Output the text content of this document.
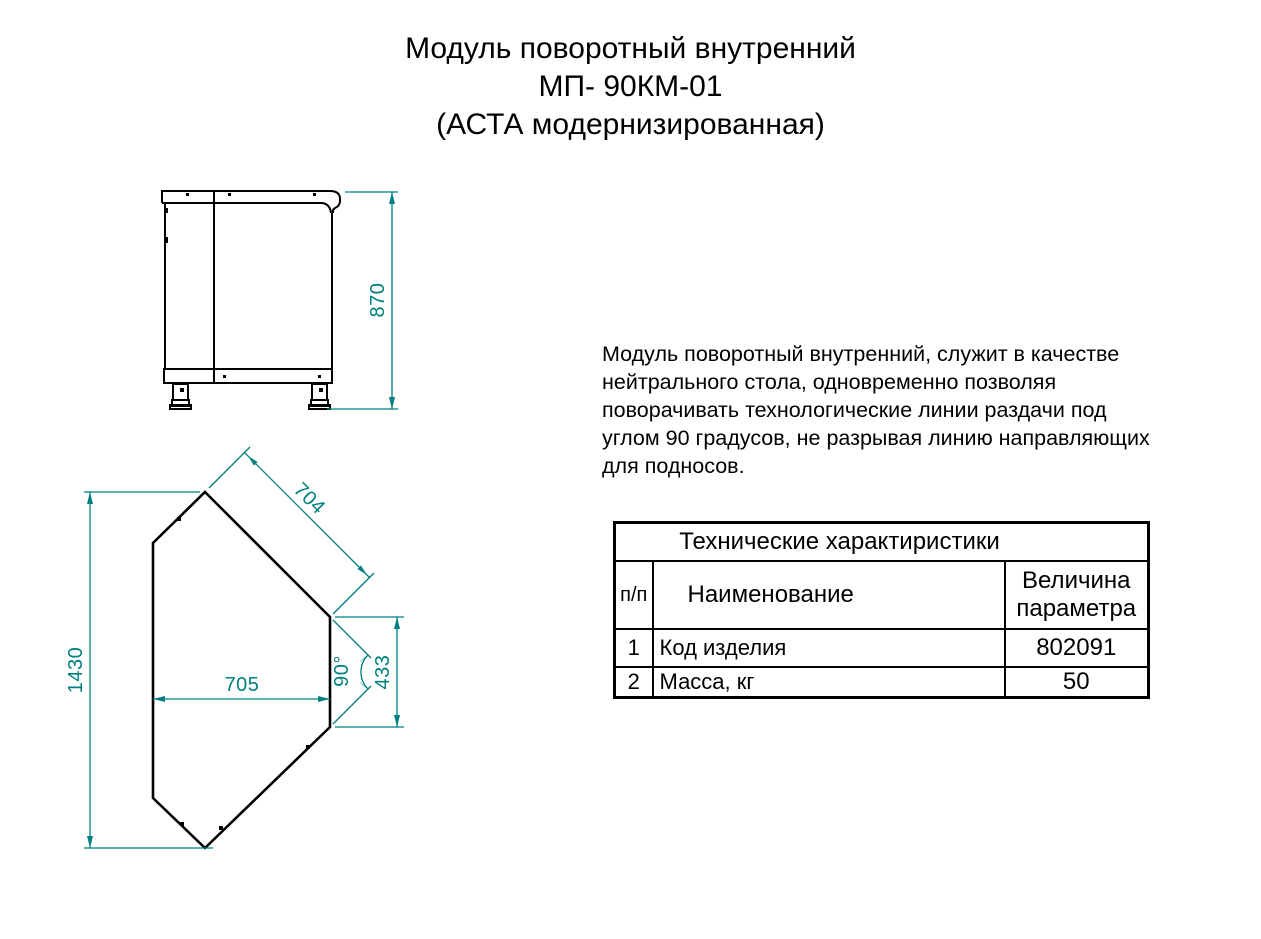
Модуль поворотный внутренний
МП- 90КМ-01
(АСТА модернизированная)
870
1430
704
705	433
90°
Модуль поворотный внутренний, служит в качестве
нейтрального стола, одновременно позволяя
поворачивать технологические линии раздачи под
углом 90 градусов, не разрывая линию направляющих
для подносов.
Технические характиристики		
п/п	Наименование	Величина параметра
1	Код изделия	802091
2	Масса, кг	50
